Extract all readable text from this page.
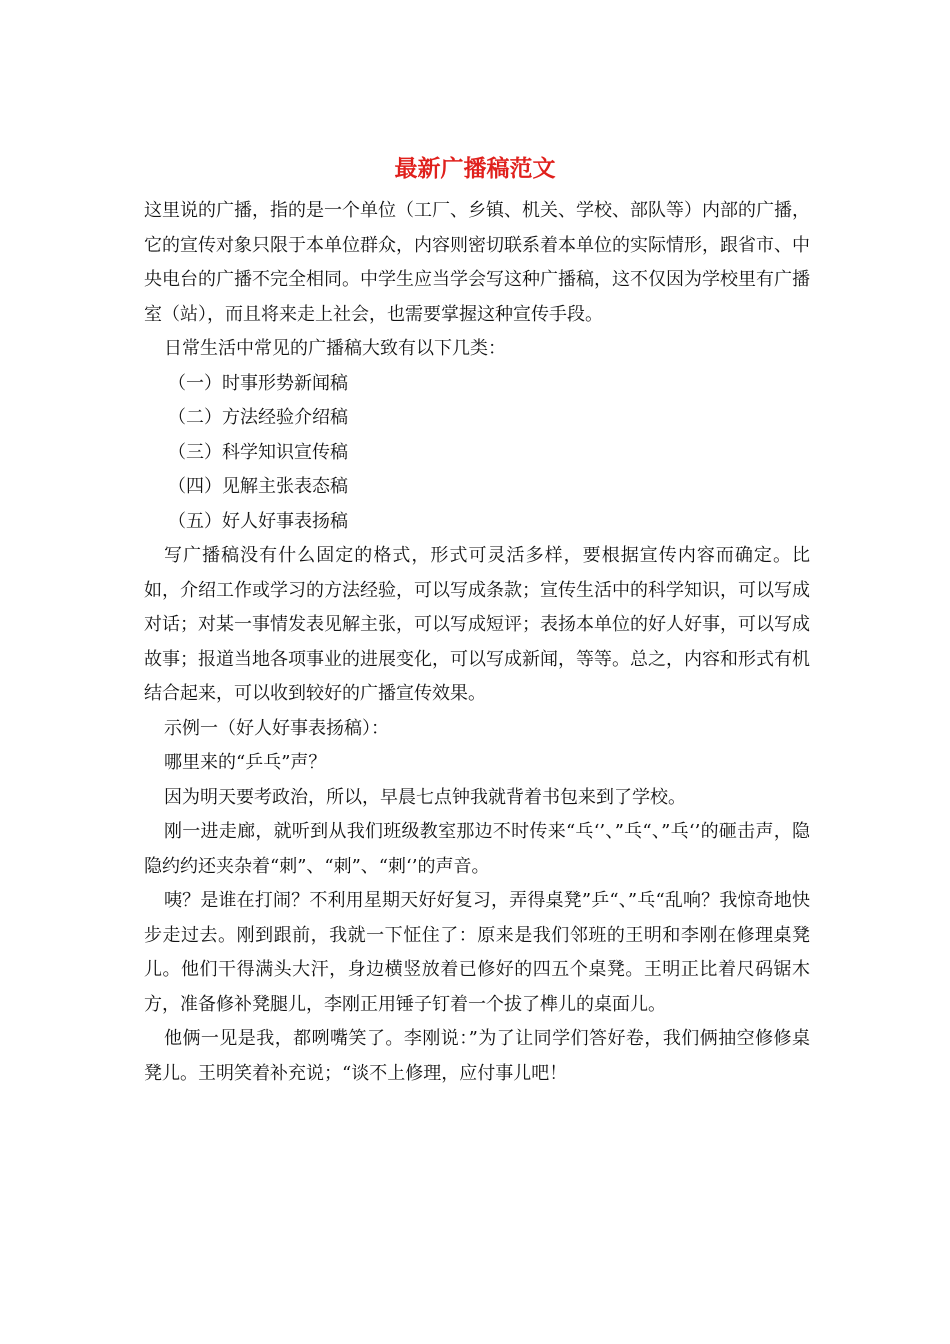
最新广播稿范文

这里说的广播，指的是一个单位（工厂、乡镇、机关、学校、部队等）内部的广播，它的宣传对象只限于本单位群众，内容则密切联系着本单位的实际情形，跟省市、中央电台的广播不完全相同。中学生应当学会写这种广播稿，这不仅因为学校里有广播室（站），而且将来走上社会，也需要掌握这种宣传手段。

日常生活中常见的广播稿大致有以下几类：

（一）时事形势新闻稿

（二）方法经验介绍稿

（三）科学知识宣传稿

（四）见解主张表态稿

（五）好人好事表扬稿

写广播稿没有什么固定的格式，形式可灵活多样，要根据宣传内容而确定。比如，介绍工作或学习的方法经验，可以写成条款；宣传生活中的科学知识，可以写成对话；对某一事情发表见解主张，可以写成短评；表扬本单位的好人好事，可以写成故事；报道当地各项事业的进展变化，可以写成新闻，等等。总之，内容和形式有机结合起来，可以收到较好的广播宣传效果。

示例一（好人好事表扬稿）：

哪里来的“乒乓”声？

因为明天要考政治，所以，早晨七点钟我就背着书包来到了学校。

刚一进走廊，就听到从我们班级教室那边不时传来“乓‘’、”乓“、”乓‘’的砸击声，隐隐约约还夹杂着“刺”、“刺”、“刺‘’的声音。

咦？是谁在打闹？不利用星期天好好复习，弄得桌凳”乒“、”乓“乱响？我惊奇地快步走过去。刚到跟前，我就一下怔住了：原来是我们邻班的王明和李刚在修理桌凳儿。他们干得满头大汗，身边横竖放着已修好的四五个桌凳。王明正比着尺码锯木方，准备修补凳腿儿，李刚正用锤子钉着一个拔了榫儿的桌面儿。

他俩一见是我，都咧嘴笑了。李刚说：”为了让同学们答好卷，我们俩抽空修修桌凳儿。王明笑着补充说；“谈不上修理，应付事儿吧！
